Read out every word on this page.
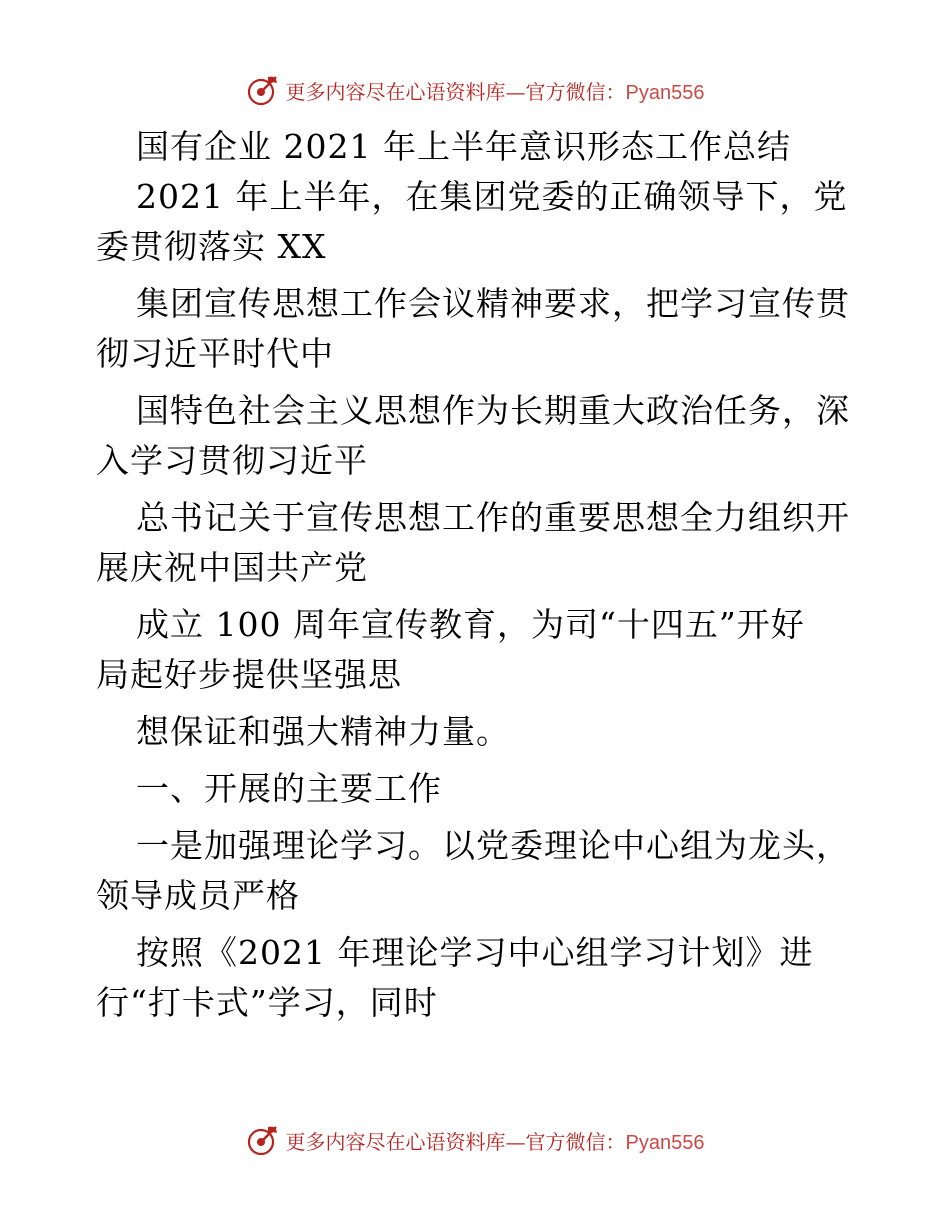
更多内容尽在心语资料库—官方微信：Pyan556
国有企业 2021 年上半年意识形态工作总结
2021 年上半年，在集团党委的正确领导下，党
委贯彻落实 XX
集团宣传思想工作会议精神要求，把学习宣传贯
彻习近平时代中
国特色社会主义思想作为长期重大政治任务，深
入学习贯彻习近平
总书记关于宣传思想工作的重要思想全力组织开
展庆祝中国共产党
成立 100 周年宣传教育，为司“十四五”开好
局起好步提供坚强思
想保证和强大精神力量。
一、开展的主要工作
一是加强理论学习。以党委理论中心组为龙头，
领导成员严格
按照《2021 年理论学习中心组学习计划》进
行“打卡式”学习，同时
更多内容尽在心语资料库—官方微信：Pyan556
